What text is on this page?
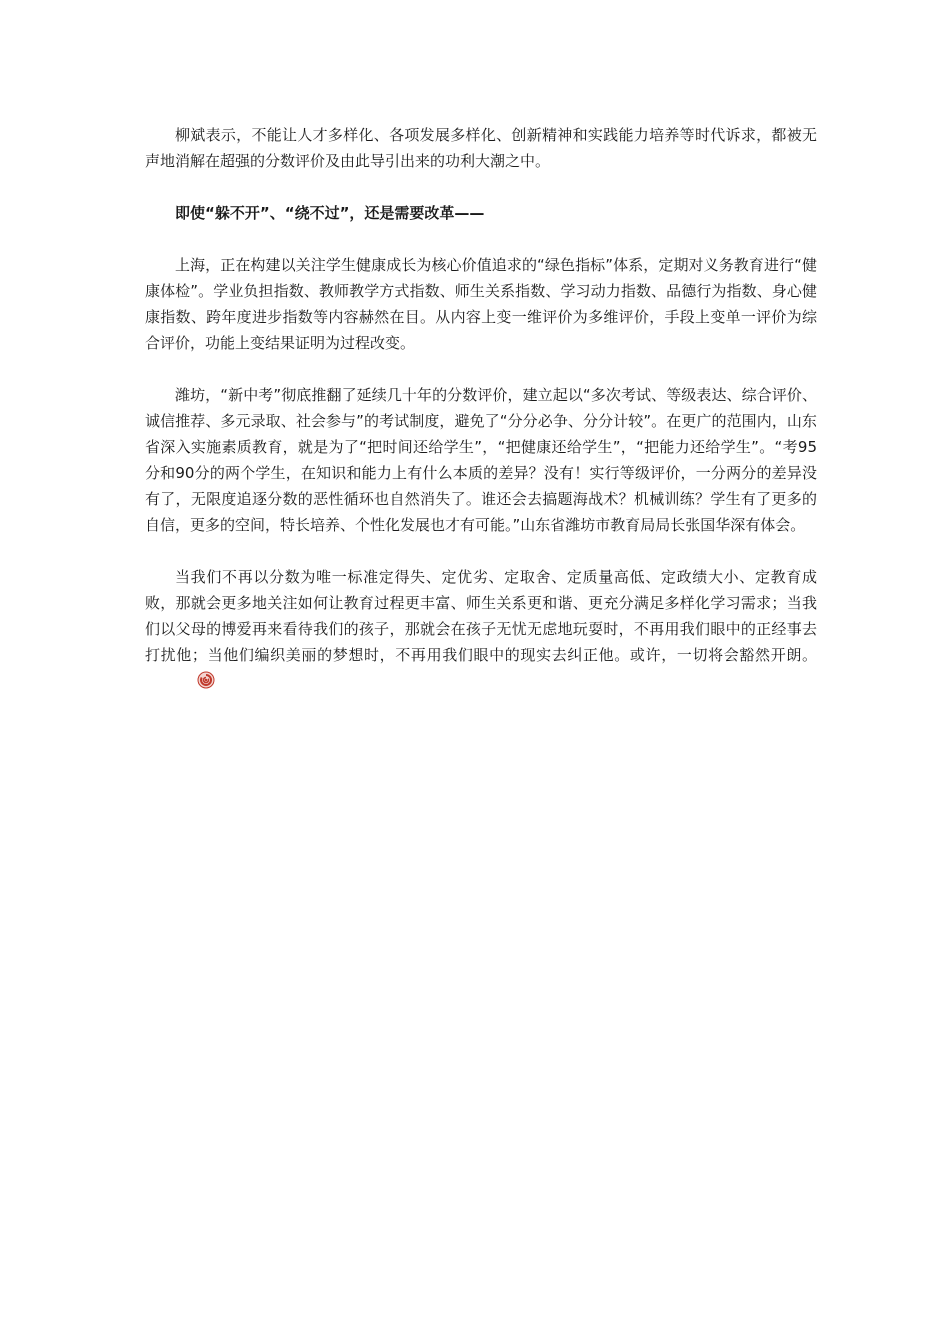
柳斌表示，不能让人才多样化、各项发展多样化、创新精神和实践能力培养等时代诉求，都被无声地消解在超强的分数评价及由此导引出来的功利大潮之中。

即使“躲不开”、“绕不过”，还是需要改革——

上海，正在构建以关注学生健康成长为核心价值追求的“绿色指标”体系，定期对义务教育进行“健康体检”。学业负担指数、教师教学方式指数、师生关系指数、学习动力指数、品德行为指数、身心健康指数、跨年度进步指数等内容赫然在目。从内容上变一维评价为多维评价，手段上变单一评价为综合评价，功能上变结果证明为过程改变。

潍坊，“新中考”彻底推翻了延续几十年的分数评价，建立起以“多次考试、等级表达、综合评价、诚信推荐、多元录取、社会参与”的考试制度，避免了“分分必争、分分计较”。在更广的范围内，山东省深入实施素质教育，就是为了“把时间还给学生”，“把健康还给学生”，“把能力还给学生”。“考95分和90分的两个学生，在知识和能力上有什么本质的差异？没有！实行等级评价，一分两分的差异没有了，无限度追逐分数的恶性循环也自然消失了。谁还会去搞题海战术？机械训练？学生有了更多的自信，更多的空间，特长培养、个性化发展也才有可能。”山东省潍坊市教育局局长张国华深有体会。

当我们不再以分数为唯一标准定得失、定优劣、定取舍、定质量高低、定政绩大小、定教育成败，那就会更多地关注如何让教育过程更丰富、师生关系更和谐、更充分满足多样化学习需求；当我们以父母的博爱再来看待我们的孩子，那就会在孩子无忧无虑地玩耍时，不再用我们眼中的正经事去打扰他；当他们编织美丽的梦想时，不再用我们眼中的现实去纠正他。或许，一切将会豁然开朗。
